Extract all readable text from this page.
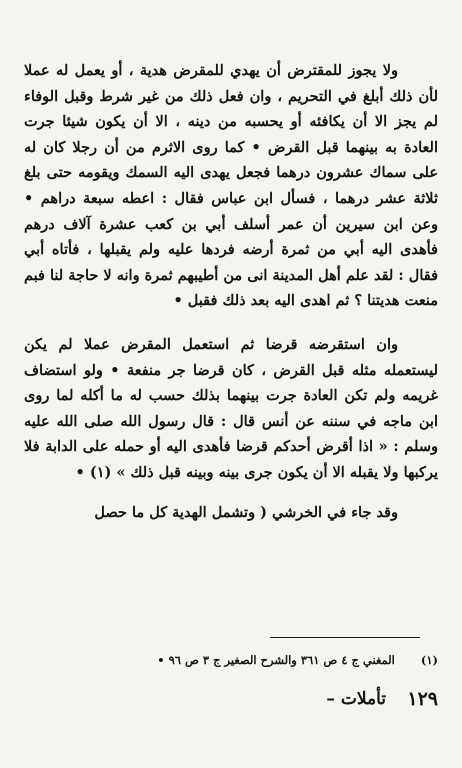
ولا يجوز للمقترض أن يهدي للمقرض هدية ، أو يعمل له عملا لأن ذلك أبلغ في التحريم ، وان فعل ذلك من غير شرط وقبل الوفاء لم يجز الا أن يكافئه أو يحسبه من دينه ، الا أن يكون شيئا جرت العادة به بينهما قبل القرض • كما روى الاثرم من أن رجلا كان له على سماك عشرون درهما فجعل يهدى اليه السمك ويقومه حتى بلغ ثلاثة عشر درهما ، فسأل ابن عباس فقال : اعطه سبعة دراهم • وعن ابن سيرين أن عمر أسلف أبي بن كعب عشرة آلاف درهم فأهدى اليه أبي من ثمرة أرضه فردها عليه ولم يقبلها ، فأتاه أبي فقال : لقد علم أهل المدينة انى من أطيبهم ثمرة وانه لا حاجة لنا فبم منعت هديتنا ؟ ثم اهدى اليه بعد ذلك فقبل •

وان استقرضه قرضا ثم استعمل المقرض عملا لم يكن ليستعمله مثله قبل القرض ، كان قرضا جر منفعة • ولو استضاف غريمه ولم تكن العادة جرت بينهما بذلك حسب له ما أكله لما روى ابن ماجه في سننه عن أنس قال : قال رسول الله صلى الله عليه وسلم : « اذا أقرض أحدكم قرضا فأهدى اليه أو حمله على الدابة فلا يركبها ولا يقبله الا أن يكون جرى بينه وبينه قبل ذلك » (١) •

وقد جاء في الخرشي ( وتشمل الهدية كل ما حصل

(١) المغني ج ٤ ص ٣٦١ والشرح الصغير ج ٣ ص ٩٦ •
١٢٩
تأملات –
